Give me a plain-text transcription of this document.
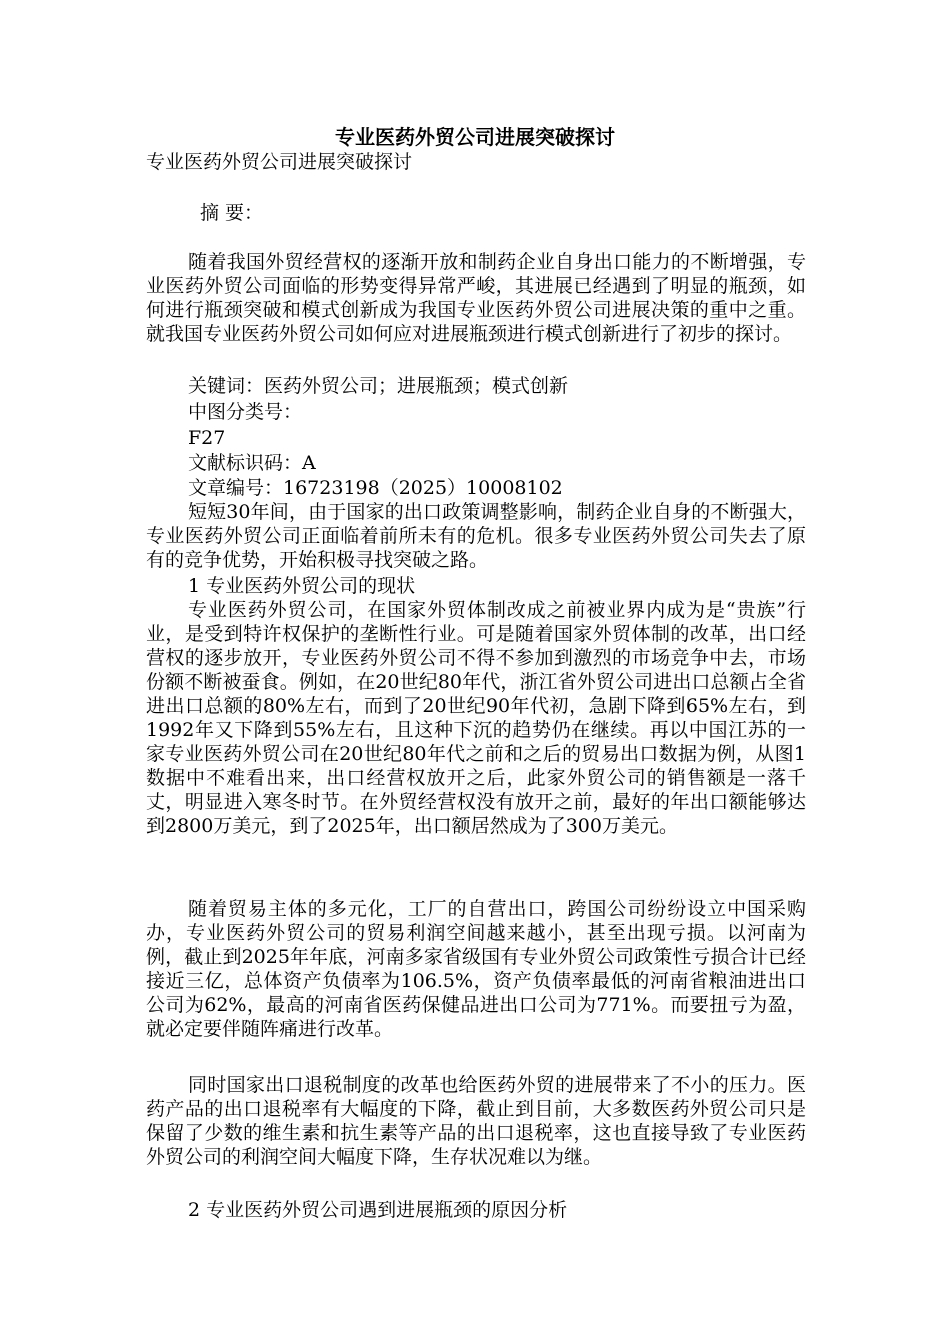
专业医药外贸公司进展突破探讨

专业医药外贸公司进展突破探讨

摘 要：

随着我国外贸经营权的逐渐开放和制药企业自身出口能力的不断增强，专业医药外贸公司面临的形势变得异常严峻，其进展已经遇到了明显的瓶颈，如何进行瓶颈突破和模式创新成为我国专业医药外贸公司进展决策的重中之重。就我国专业医药外贸公司如何应对进展瓶颈进行模式创新进行了初步的探讨。

关键词：医药外贸公司；进展瓶颈；模式创新

中图分类号：

F27

文献标识码：A

文章编号：16723198（2025）10008102

短短30年间，由于国家的出口政策调整影响，制药企业自身的不断强大，专业医药外贸公司正面临着前所未有的危机。很多专业医药外贸公司失去了原有的竞争优势，开始积极寻找突破之路。

1 专业医药外贸公司的现状

专业医药外贸公司，在国家外贸体制改成之前被业界内成为是“贵族”行业，是受到特许权保护的垄断性行业。可是随着国家外贸体制的改革，出口经营权的逐步放开，专业医药外贸公司不得不参加到激烈的市场竞争中去，市场份额不断被蚕食。例如，在20世纪80年代，浙江省外贸公司进出口总额占全省进出口总额的80%左右，而到了20世纪90年代初，急剧下降到65%左右，到1992年又下降到55%左右，且这种下沉的趋势仍在继续。再以中国江苏的一家专业医药外贸公司在20世纪80年代之前和之后的贸易出口数据为例，从图1数据中不难看出来，出口经营权放开之后，此家外贸公司的销售额是一落千丈，明显进入寒冬时节。在外贸经营权没有放开之前，最好的年出口额能够达到2800万美元，到了2025年，出口额居然成为了300万美元。

随着贸易主体的多元化，工厂的自营出口，跨国公司纷纷设立中国采购办，专业医药外贸公司的贸易利润空间越来越小，甚至出现亏损。以河南为例，截止到2025年年底，河南多家省级国有专业外贸公司政策性亏损合计已经接近三亿，总体资产负债率为106.5%，资产负债率最低的河南省粮油进出口公司为62%，最高的河南省医药保健品进出口公司为771%。而要扭亏为盈，就必定要伴随阵痛进行改革。

同时国家出口退税制度的改革也给医药外贸的进展带来了不小的压力。医药产品的出口退税率有大幅度的下降，截止到目前，大多数医药外贸公司只是保留了少数的维生素和抗生素等产品的出口退税率，这也直接导致了专业医药外贸公司的利润空间大幅度下降，生存状况难以为继。

2 专业医药外贸公司遇到进展瓶颈的原因分析
